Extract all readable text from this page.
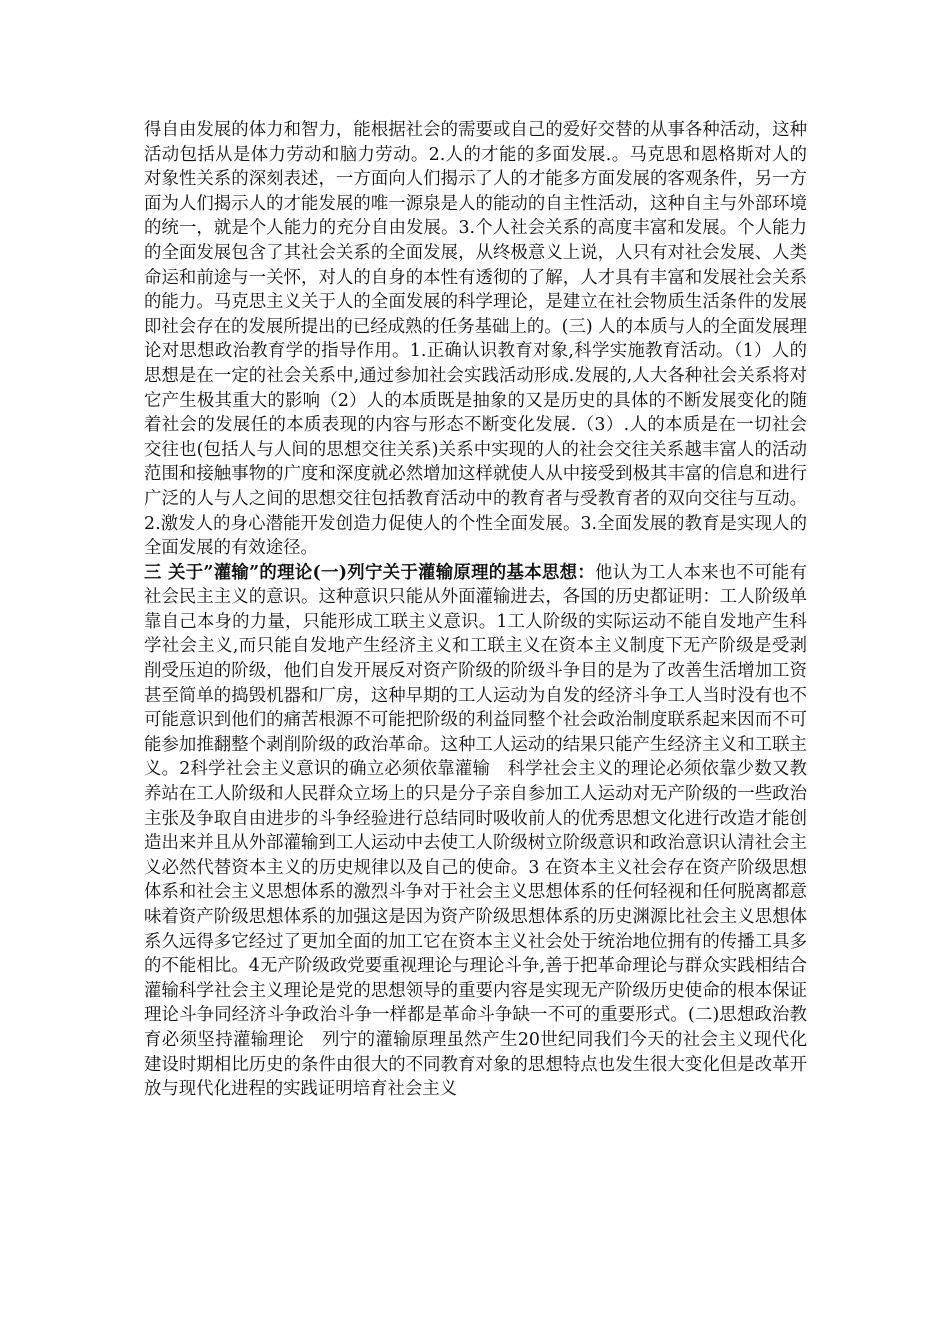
得自由发展的体力和智力，能根据社会的需要或自己的爱好交替的从事各种活动，这种活动包括从是体力劳动和脑力劳动。2.人的才能的多面发展.。马克思和恩格斯对人的对象性关系的深刻表述，一方面向人们揭示了人的才能多方面发展的客观条件，另一方面为人们揭示人的才能发展的唯一源泉是人的能动的自主性活动，这种自主与外部环境的统一，就是个人能力的充分自由发展。3.个人社会关系的高度丰富和发展。个人能力的全面发展包含了其社会关系的全面发展，从终极意义上说，人只有对社会发展、人类命运和前途与一关怀，对人的自身的本性有透彻的了解，人才具有丰富和发展社会关系的能力。马克思主义关于人的全面发展的科学理论，是建立在社会物质生活条件的发展即社会存在的发展所提出的已经成熟的任务基础上的。(三) 人的本质与人的全面发展理论对思想政治教育学的指导作用。1.正确认识教育对象,科学实施教育活动。（1）人的思想是在一定的社会关系中,通过参加社会实践活动形成.发展的,人大各种社会关系将对它产生极其重大的影响（2）人的本质既是抽象的又是历史的具体的不断发展变化的随着社会的发展任的本质表现的内容与形态不断变化发展.（3）.人的本质是在一切社会交往也(包括人与人间的思想交往关系)关系中实现的人的社会交往关系越丰富人的活动范围和接触事物的广度和深度就必然增加这样就使人从中接受到极其丰富的信息和进行广泛的人与人之间的思想交往包括教育活动中的教育者与受教育者的双向交往与互动。2.激发人的身心潜能开发创造力促使人的个性全面发展。3.全面发展的教育是实现人的全面发展的有效途径。

三 关于”灌输”的理论(一)列宁关于灌输原理的基本思想：他认为工人本来也不可能有社会民主主义的意识。这种意识只能从外面灌输进去，各国的历史都证明：工人阶级单靠自己本身的力量，只能形成工联主义意识。1工人阶级的实际运动不能自发地产生科学社会主义,而只能自发地产生经济主义和工联主义在资本主义制度下无产阶级是受剥削受压迫的阶级，他们自发开展反对资产阶级的阶级斗争目的是为了改善生活增加工资甚至简单的捣毁机器和厂房，这种早期的工人运动为自发的经济斗争工人当时没有也不可能意识到他们的痛苦根源不可能把阶级的利益同整个社会政治制度联系起来因而不可能参加推翻整个剥削阶级的政治革命。这种工人运动的结果只能产生经济主义和工联主义。2科学社会主义意识的确立必须依靠灌输　科学社会主义的理论必须依靠少数又教养站在工人阶级和人民群众立场上的只是分子亲自参加工人运动对无产阶级的一些政治主张及争取自由进步的斗争经验进行总结同时吸收前人的优秀思想文化进行改造才能创造出来并且从外部灌输到工人运动中去使工人阶级树立阶级意识和政治意识认清社会主义必然代替资本主义的历史规律以及自己的使命。3 在资本主义社会存在资产阶级思想体系和社会主义思想体系的激烈斗争对于社会主义思想体系的任何轻视和任何脱离都意味着资产阶级思想体系的加强这是因为资产阶级思想体系的历史渊源比社会主义思想体系久远得多它经过了更加全面的加工它在资本主义社会处于统治地位拥有的传播工具多的不能相比。4无产阶级政党要重视理论与理论斗争,善于把革命理论与群众实践相结合灌输科学社会主义理论是党的思想领导的重要内容是实现无产阶级历史使命的根本保证理论斗争同经济斗争政治斗争一样都是革命斗争缺一不可的重要形式。(二)思想政治教育必须坚持灌输理论　列宁的灌输原理虽然产生20世纪同我们今天的社会主义现代化建设时期相比历史的条件由很大的不同教育对象的思想特点也发生很大变化但是改革开放与现代化进程的实践证明培育社会主义
